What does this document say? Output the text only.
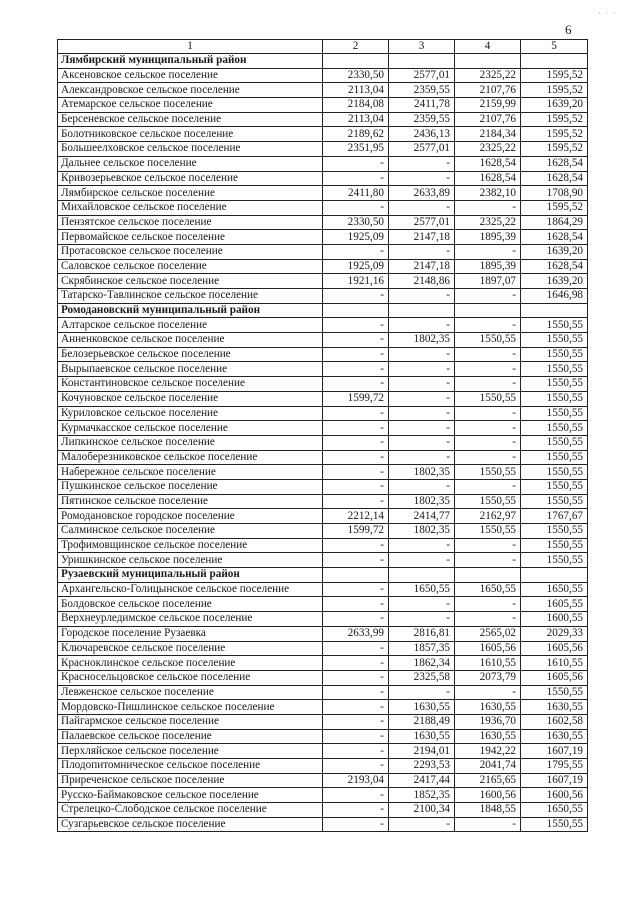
6
· · ·
1	2	3	4	5
Лямбирский муниципальный район				
Аксеновское сельское поселение	2330,50	2577,01	2325,22	1595,52
Александровское сельское поселение	2113,04	2359,55	2107,76	1595,52
Атемарское сельское поселение	2184,08	2411,78	2159,99	1639,20
Берсеневское сельское поселение	2113,04	2359,55	2107,76	1595,52
Болотниковское сельское поселение	2189,62	2436,13	2184,34	1595,52
Большеелховское сельское поселение	2351,95	2577,01	2325,22	1595,52
Дальнее сельское поселение	-	-	1628,54	1628,54
Кривозерьевское сельское поселение	-	-	1628,54	1628,54
Лямбирское сельское поселение	2411,80	2633,89	2382,10	1708,90
Михайловское сельское поселение	-	-	-	1595,52
Пензятское сельское поселение	2330,50	2577,01	2325,22	1864,29
Первомайское сельское поселение	1925,09	2147,18	1895,39	1628,54
Протасовское сельское поселение	-	-	-	1639,20
Саловское сельское поселение	1925,09	2147,18	1895,39	1628,54
Скрябинское сельское поселение	1921,16	2148,86	1897,07	1639,20
Татарско-Тавлинское сельское поселение	-	-	-	1646,98
Ромодановский муниципальный район				
Алтарское сельское поселение	-	-	-	1550,55
Анненковское сельское поселение	-	1802,35	1550,55	1550,55
Белозерьевское сельское поселение	-	-	-	1550,55
Вырыпаевское сельское поселение	-	-	-	1550,55
Константиновское сельское поселение	-	-	-	1550,55
Кочуновское сельское поселение	1599,72	-	1550,55	1550,55
Куриловское сельское поселение	-	-	-	1550,55
Курмачкасское сельское поселение	-	-	-	1550,55
Липкинское сельское поселение	-	-	-	1550,55
Малоберезниковское сельское поселение	-	-	-	1550,55
Набережное сельское поселение	-	1802,35	1550,55	1550,55
Пушкинское сельское поселение	-	-	-	1550,55
Пятинское сельское поселение	-	1802,35	1550,55	1550,55
Ромодановское городское поселение	2212,14	2414,77	2162,97	1767,67
Салминское сельское поселение	1599,72	1802,35	1550,55	1550,55
Трофимовщинское сельское поселение	-	-	-	1550,55
Уришкинское сельское поселение	-	-	-	1550,55
Рузаевский муниципальный район				
Архангельско-Голицынское сельское поселение	-	1650,55	1650,55	1650,55
Болдовское сельское поселение	-	-	-	1605,55
Верхнеурледимское сельское поселение	-	-	-	1600,55
Городское поселение Рузаевка	2633,99	2816,81	2565,02	2029,33
Ключаревское сельское поселение	-	1857,35	1605,56	1605,56
Красноклинское сельское поселение	-	1862,34	1610,55	1610,55
Красносельцовское сельское поселение	-	2325,58	2073,79	1605,56
Левженское сельское поселение	-	-	-	1550,55
Мордовско-Пишлинское сельское поселение	-	1630,55	1630,55	1630,55
Пайгармское сельское поселение	-	2188,49	1936,70	1602,58
Палаевское сельское поселение	-	1630,55	1630,55	1630,55
Перхляйское сельское поселение	-	2194,01	1942,22	1607,19
Плодопитомническое сельское поселение	-	2293,53	2041,74	1795,55
Приреченское сельское поселение	2193,04	2417,44	2165,65	1607,19
Русско-Баймаковское сельское поселение	-	1852,35	1600,56	1600,56
Стрелецко-Слободское сельское поселение	-	2100,34	1848,55	1650,55
Сузгарьевское сельское поселение	-	-	-	1550,55
